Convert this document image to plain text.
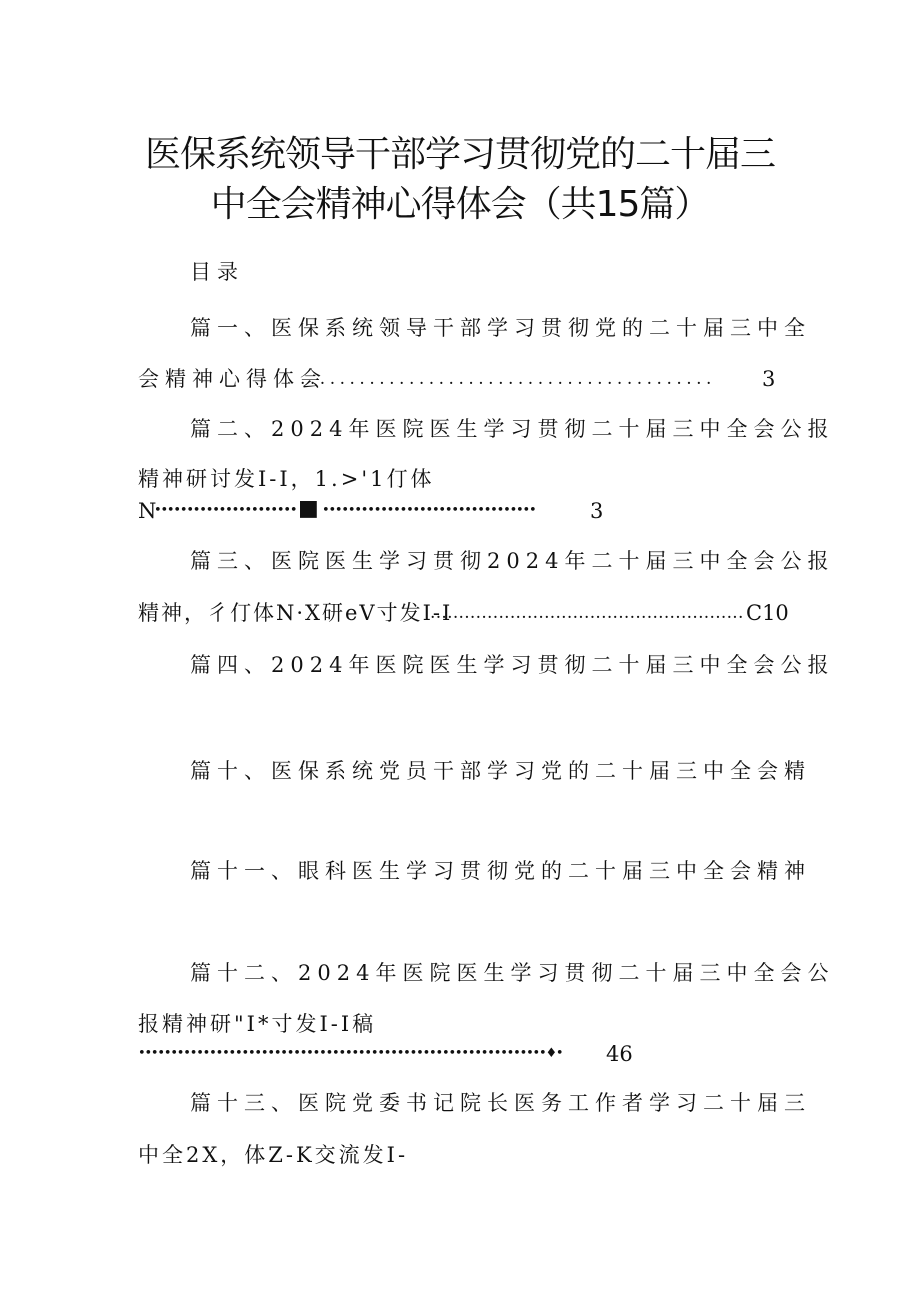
医保系统领导干部学习贯彻党的二十届三
中全会精神心得体会（共15篇）
目录
篇一、医保系统领导干部学习贯彻党的二十届三中全
会精神心得体会
..........................................	3
篇二、2024年医院医生学习贯彻二十届三中全会公报
精神研讨发I-I，1.>'1仃体
N
•••••••••••••••••••••• ■ •••••••••••••••••••••••••••••••••	3
篇三、医院医生学习贯彻2024年二十届三中全会公报
精神，彳仃体N·X研eV寸发I-I
....................................................... C10
篇四、2024年医院医生学习贯彻二十届三中全会公报
篇十、医保系统党员干部学习党的二十届三中全会精
篇十一、眼科医生学习贯彻党的二十届三中全会精神
篇十二、2024年医院医生学习贯彻二十届三中全会公
报精神研"I*寸发I-I稿
•••••••••••••••••••••••••••••••••••••••••••••••••••••••••••••••♦•	46
篇十三、医院党委书记院长医务工作者学习二十届三
中全2X，体Z-K交流发I-
